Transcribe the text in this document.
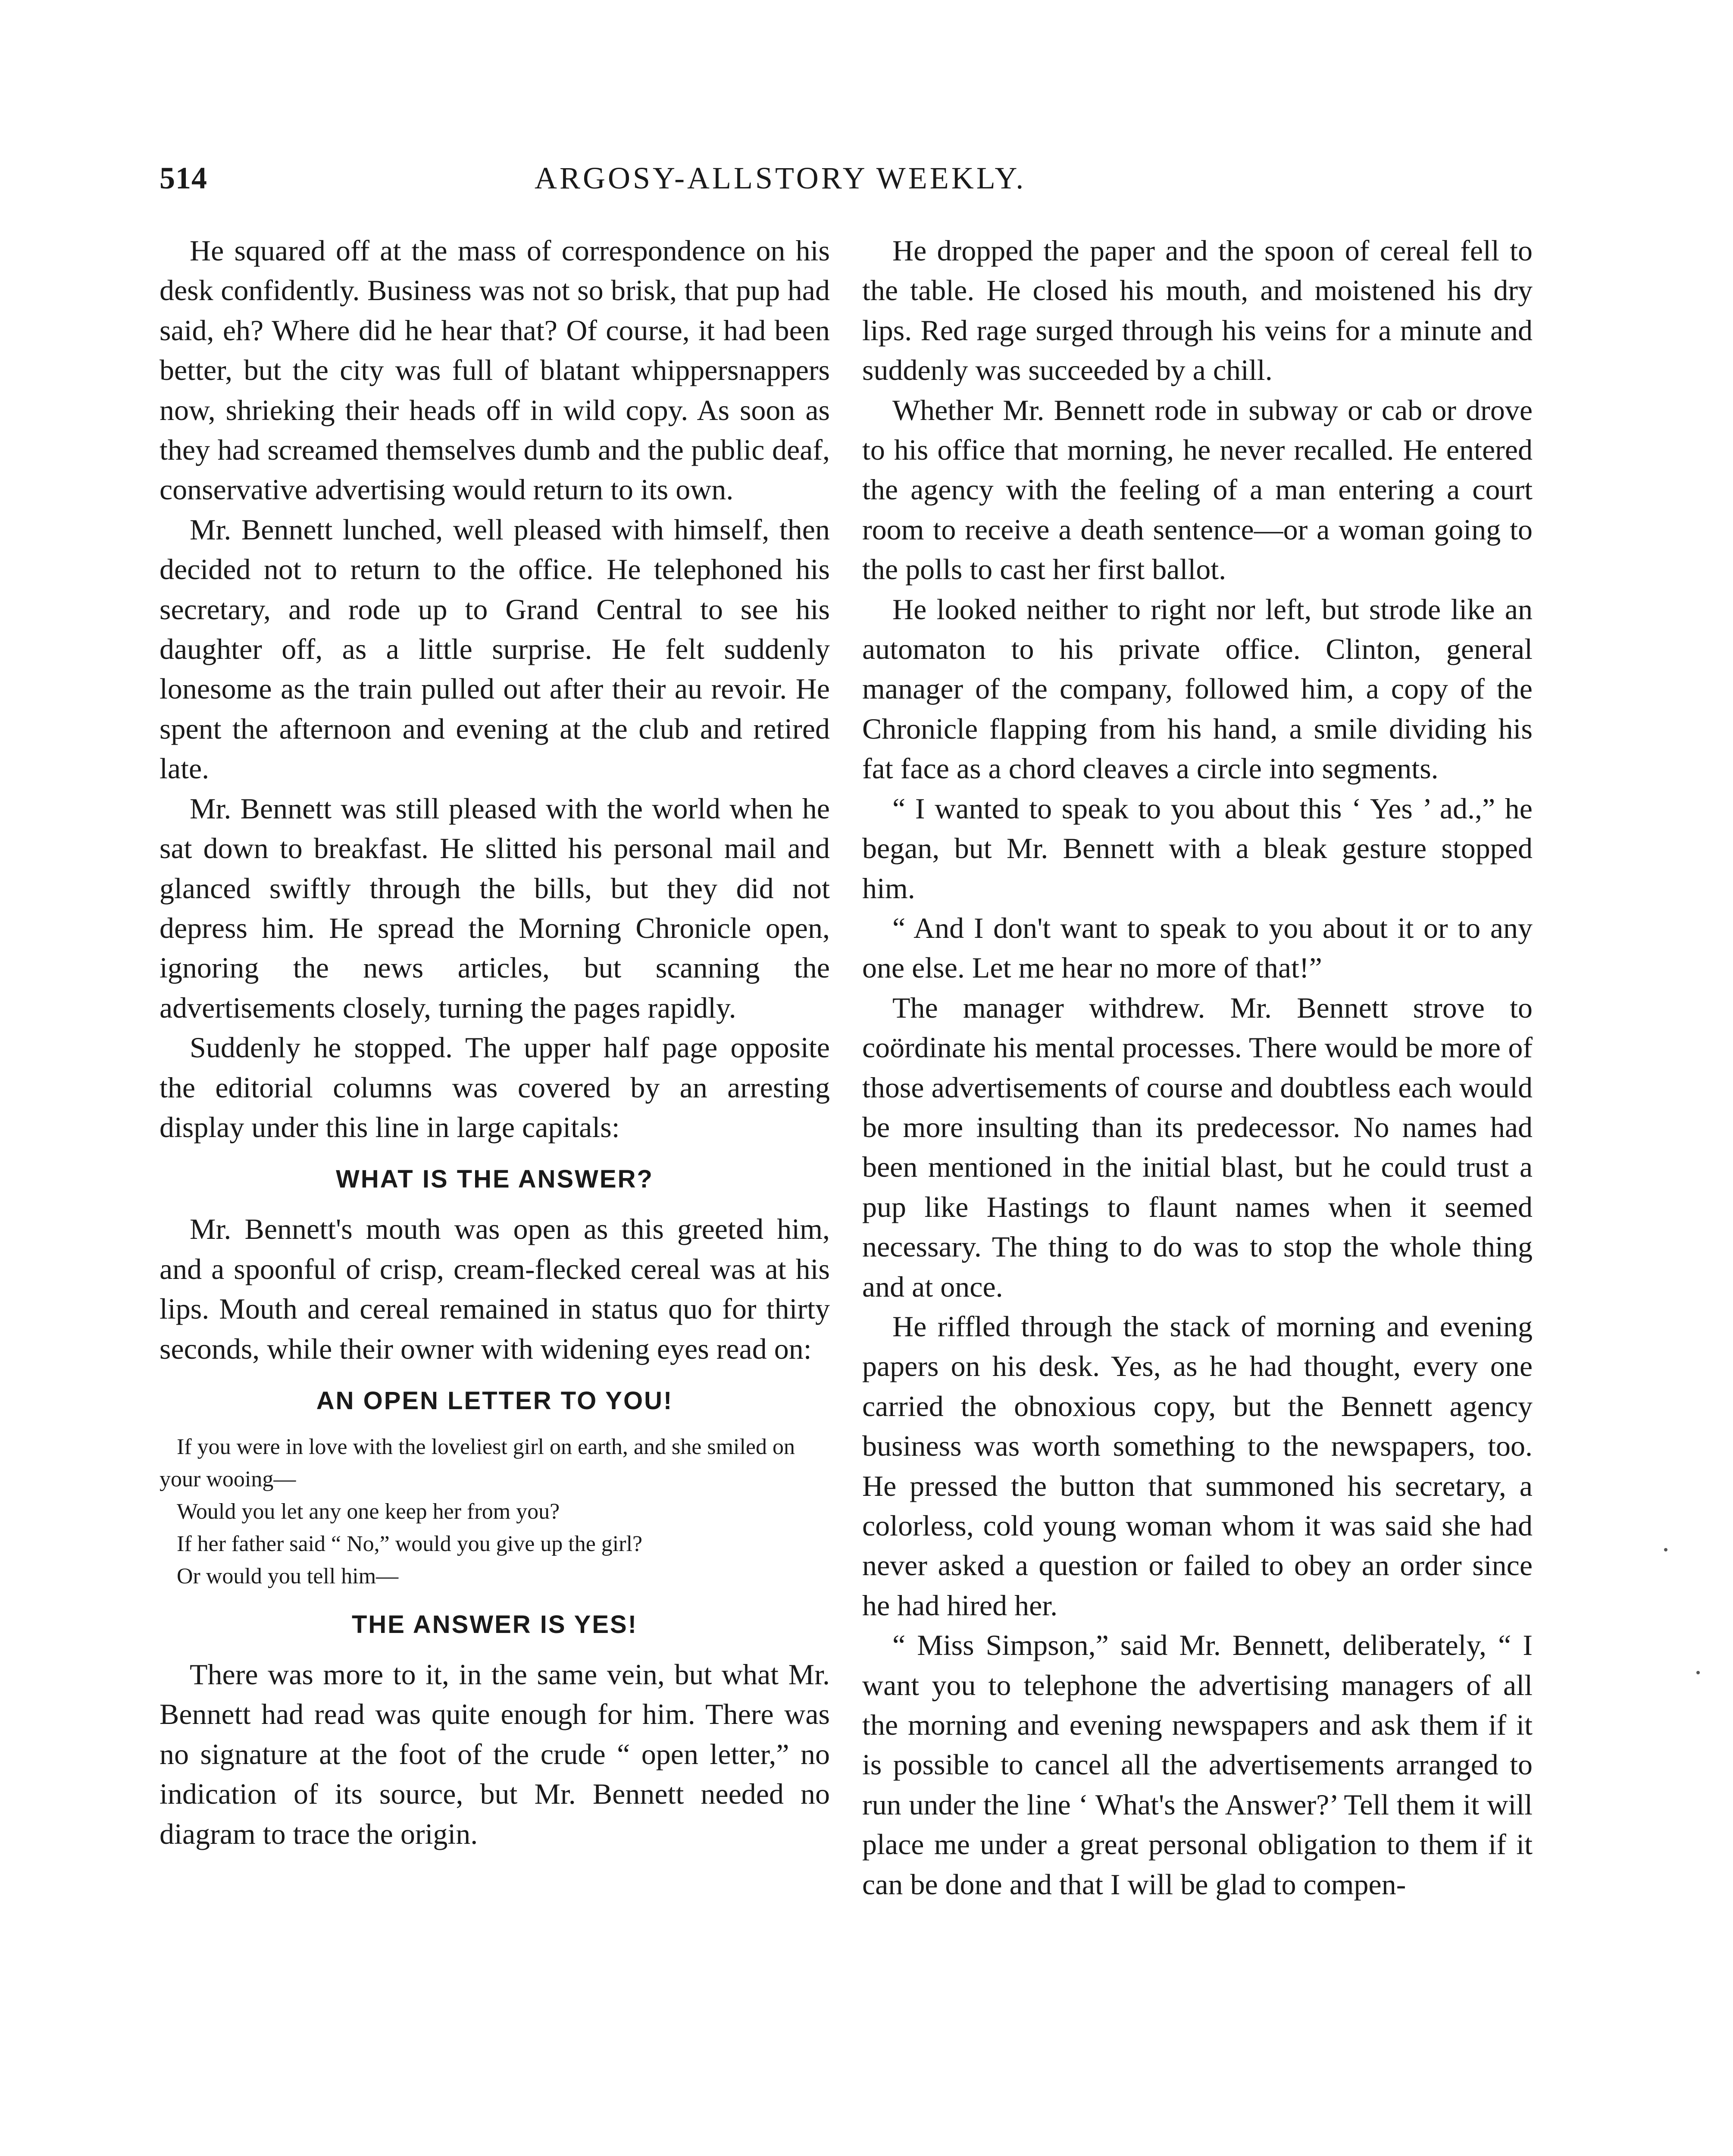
514	ARGOSY-ALLSTORY WEEKLY.

He squared off at the mass of correspondence on his desk confidently. Business was not so brisk, that pup had said, eh? Where did he hear that? Of course, it had been better, but the city was full of blatant whippersnappers now, shrieking their heads off in wild copy. As soon as they had screamed themselves dumb and the public deaf, conservative advertising would return to its own.

Mr. Bennett lunched, well pleased with himself, then decided not to return to the office. He telephoned his secretary, and rode up to Grand Central to see his daughter off, as a little surprise. He felt suddenly lonesome as the train pulled out after their au revoir. He spent the afternoon and evening at the club and retired late.

Mr. Bennett was still pleased with the world when he sat down to breakfast. He slitted his personal mail and glanced swiftly through the bills, but they did not depress him. He spread the Morning Chronicle open, ignoring the news articles, but scanning the advertisements closely, turning the pages rapidly.

Suddenly he stopped. The upper half page opposite the editorial columns was covered by an arresting display under this line in large capitals:

WHAT IS THE ANSWER?

Mr. Bennett's mouth was open as this greeted him, and a spoonful of crisp, cream-flecked cereal was at his lips. Mouth and cereal remained in status quo for thirty seconds, while their owner with widening eyes read on:

AN OPEN LETTER TO YOU!

If you were in love with the loveliest girl on earth, and she smiled on your wooing—

Would you let any one keep her from you?

If her father said “ No,” would you give up the girl?

Or would you tell him—

THE ANSWER IS YES!

There was more to it, in the same vein, but what Mr. Bennett had read was quite enough for him. There was no signature at the foot of the crude “ open letter,” no indication of its source, but Mr. Bennett needed no diagram to trace the origin.

He dropped the paper and the spoon of cereal fell to the table. He closed his mouth, and moistened his dry lips. Red rage surged through his veins for a minute and suddenly was succeeded by a chill.

Whether Mr. Bennett rode in subway or cab or drove to his office that morning, he never recalled. He entered the agency with the feeling of a man entering a court room to receive a death sentence—or a woman going to the polls to cast her first ballot.

He looked neither to right nor left, but strode like an automaton to his private office. Clinton, general manager of the company, followed him, a copy of the Chronicle flapping from his hand, a smile dividing his fat face as a chord cleaves a circle into segments.

“ I wanted to speak to you about this ‘ Yes ’ ad.,” he began, but Mr. Bennett with a bleak gesture stopped him.

“ And I don't want to speak to you about it or to any one else. Let me hear no more of that!”

The manager withdrew. Mr. Bennett strove to coördinate his mental processes. There would be more of those advertisements of course and doubtless each would be more insulting than its predecessor. No names had been mentioned in the initial blast, but he could trust a pup like Hastings to flaunt names when it seemed necessary. The thing to do was to stop the whole thing and at once.

He riffled through the stack of morning and evening papers on his desk. Yes, as he had thought, every one carried the obnoxious copy, but the Bennett agency business was worth something to the newspapers, too. He pressed the button that summoned his secretary, a colorless, cold young woman whom it was said she had never asked a question or failed to obey an order since he had hired her.

“ Miss Simpson,” said Mr. Bennett, deliberately, “ I want you to telephone the advertising managers of all the morning and evening newspapers and ask them if it is possible to cancel all the advertisements arranged to run under the line ‘ What's the Answer?’ Tell them it will place me under a great personal obligation to them if it can be done and that I will be glad to compen-
